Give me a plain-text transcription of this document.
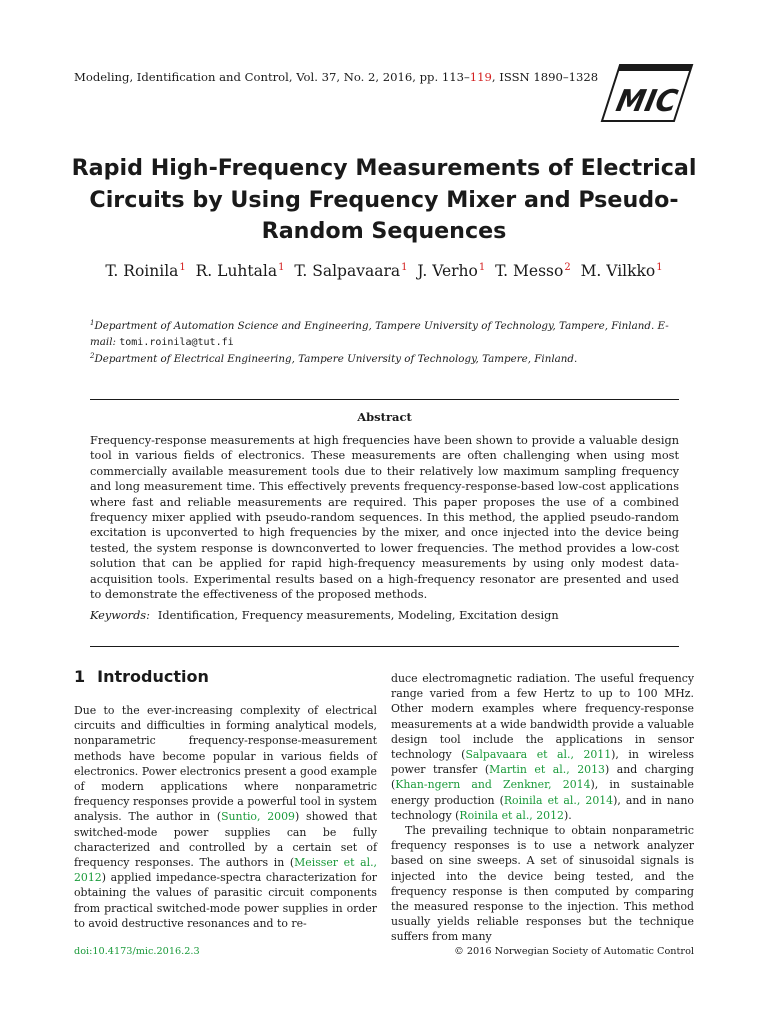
Modeling, Identification and Control, Vol. 37, No. 2, 2016, pp. 113–119, ISSN 1890–1328
MIC
Rapid High-Frequency Measurements of Electrical Circuits by Using Frequency Mixer and Pseudo-Random Sequences
T. Roinila$^1$ R. Luhtala$^1$ T. Salpavaara$^1$ J. Verho$^1$ T. Messo$^2$ M. Vilkko$^1$
$^1$Department of Automation Science and Engineering, Tampere University of Technology, Tampere, Finland. E-mail: tomi.roinila@tut.fi
$^2$Department of Electrical Engineering, Tampere University of Technology, Tampere, Finland.
Abstract
Frequency-response measurements at high frequencies have been shown to provide a valuable design tool in various fields of electronics. These measurements are often challenging when using most commercially available measurement tools due to their relatively low maximum sampling frequency and long measurement time. This effectively prevents frequency-response-based low-cost applications where fast and reliable measurements are required. This paper proposes the use of a combined frequency mixer applied with pseudo-random sequences. In this method, the applied pseudo-random excitation is upconverted to high frequencies by the mixer, and once injected into the device being tested, the system response is downconverted to lower frequencies. The method provides a low-cost solution that can be applied for rapid high-frequency measurements by using only modest data-acquisition tools. Experimental results based on a high-frequency resonator are presented and used to demonstrate the effectiveness of the proposed methods.
Keywords: Identification, Frequency measurements, Modeling, Excitation design
1 Introduction

Due to the ever-increasing complexity of electrical circuits and difficulties in forming analytical models, nonparametric frequency-response-measurement methods have become popular in various fields of electronics. Power electronics present a good example of modern applications where nonparametric frequency responses provide a powerful tool in system analysis. The author in (Suntio, 2009) showed that switched-mode power supplies can be fully characterized and controlled by a certain set of frequency responses. The authors in (Meisser et al., 2012) applied impedance-spectra characterization for obtaining the values of parasitic circuit components from practical switched-mode power supplies in order to avoid destructive resonances and to re-

duce electromagnetic radiation. The useful frequency range varied from a few Hertz to up to 100 MHz. Other modern examples where frequency-response measurements at a wide bandwidth provide a valuable design tool include the applications in sensor technology (Salpavaara et al., 2011), in wireless power transfer (Martin et al., 2013) and charging (Khan-ngern and Zenkner, 2014), in sustainable energy production (Roinila et al., 2014), and in nano technology (Roinila et al., 2012).

The prevailing technique to obtain nonparametric frequency responses is to use a network analyzer based on sine sweeps. A set of sinusoidal signals is injected into the device being tested, and the frequency response is then computed by comparing the measured response to the injection. This method usually yields reliable responses but the technique suffers from many

doi:10.4173/mic.2016.2.3	© 2016 Norwegian Society of Automatic Control
